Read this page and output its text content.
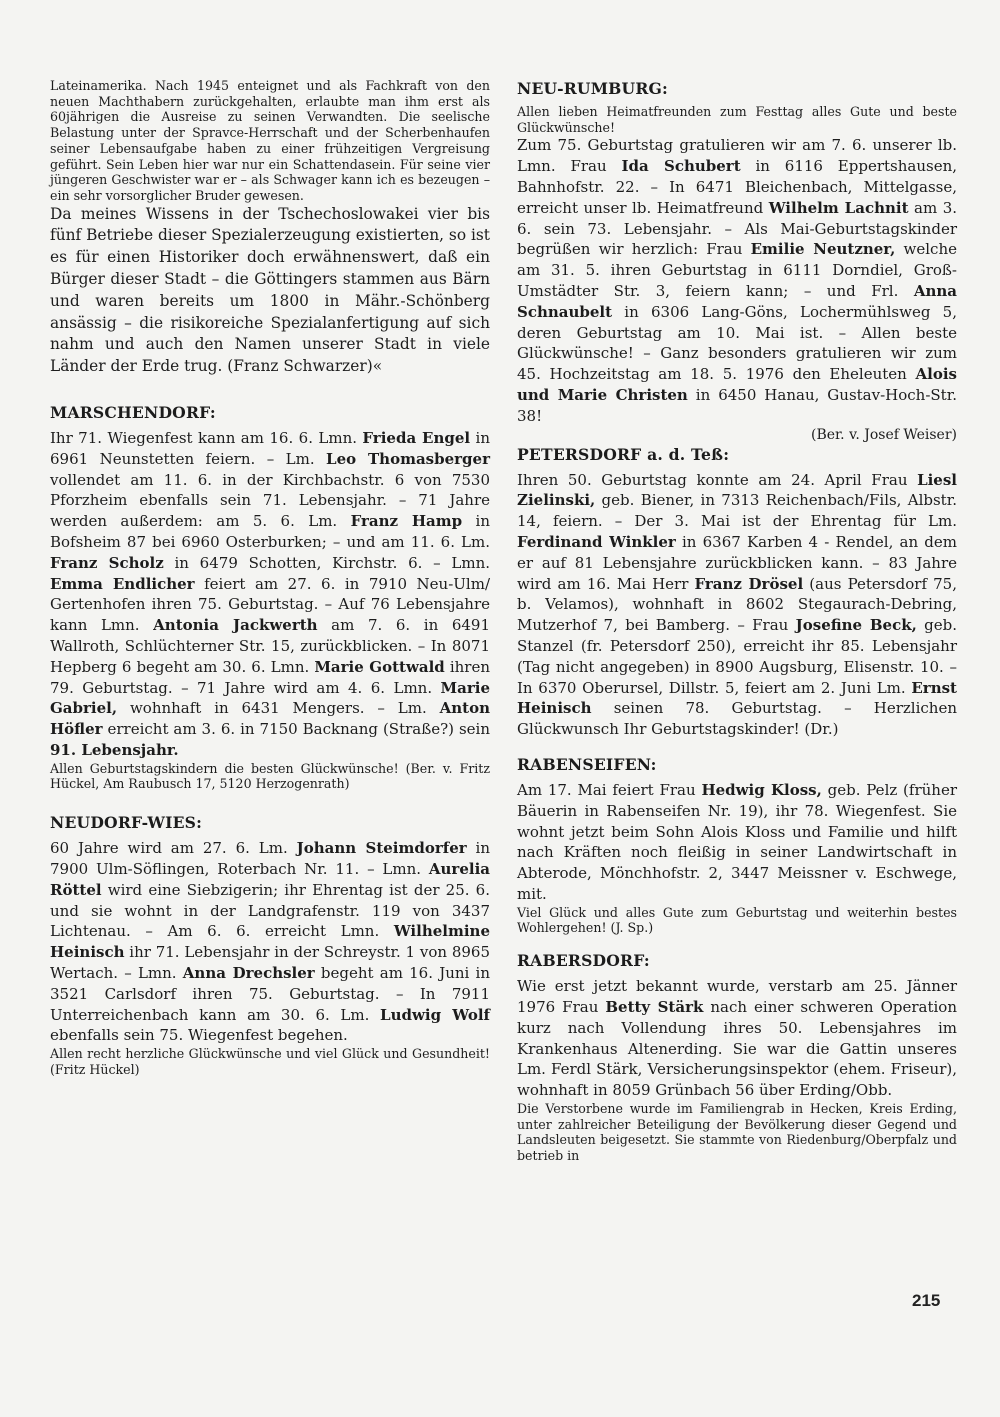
Lateinamerika. Nach 1945 enteignet und als Fachkraft von den neuen Machthabern zurückgehalten, erlaubte man ihm erst als 60jährigen die Ausreise zu seinen Verwandten. Die seelische Belastung unter der Spravce-Herrschaft und der Scherbenhaufen seiner Lebensaufgabe haben zu einer frühzeitigen Vergreisung geführt. Sein Leben hier war nur ein Schattendasein. Für seine vier jüngeren Geschwister war er – als Schwager kann ich es bezeugen – ein sehr vorsorglicher Bruder gewesen.

Da meines Wissens in der Tschechoslowakei vier bis fünf Betriebe dieser Spezialerzeugung existierten, so ist es für einen Historiker doch erwähnenswert, daß ein Bürger dieser Stadt – die Göttingers stammen aus Bärn und waren bereits um 1800 in Mähr.-Schönberg ansässig – die risikoreiche Spezialanfertigung auf sich nahm und auch den Namen unserer Stadt in viele Länder der Erde trug. (Franz Schwarzer)«

MARSCHENDORF:

Ihr 71. Wiegenfest kann am 16. 6. Lmn. Frieda Engel in 6961 Neunstetten feiern. – Lm. Leo Thomasberger vollendet am 11. 6. in der Kirchbachstr. 6 von 7530 Pforzheim ebenfalls sein 71. Lebensjahr. – 71 Jahre werden außerdem: am 5. 6. Lm. Franz Hamp in Bofsheim 87 bei 6960 Osterburken; – und am 11. 6. Lm. Franz Scholz in 6479 Schotten, Kirchstr. 6. – Lmn. Emma Endlicher feiert am 27. 6. in 7910 Neu-Ulm/ Gertenhofen ihren 75. Geburtstag. – Auf 76 Lebensjahre kann Lmn. Antonia Jackwerth am 7. 6. in 6491 Wallroth, Schlüchterner Str. 15, zurückblicken. – In 8071 Hepberg 6 begeht am 30. 6. Lmn. Marie Gottwald ihren 79. Geburtstag. – 71 Jahre wird am 4. 6. Lmn. Marie Gabriel, wohnhaft in 6431 Mengers. – Lm. Anton Höfler erreicht am 3. 6. in 7150 Backnang (Straße?) sein 91. Lebensjahr.

Allen Geburtstagskindern die besten Glückwünsche! (Ber. v. Fritz Hückel, Am Raubusch 17, 5120 Herzogenrath)

NEUDORF-WIES:

60 Jahre wird am 27. 6. Lm. Johann Steimdorfer in 7900 Ulm-Söflingen, Roterbach Nr. 11. – Lmn. Aurelia Röttel wird eine Siebzigerin; ihr Ehrentag ist der 25. 6. und sie wohnt in der Landgrafenstr. 119 von 3437 Lichtenau. – Am 6. 6. erreicht Lmn. Wilhelmine Heinisch ihr 71. Lebensjahr in der Schreystr. 1 von 8965 Wertach. – Lmn. Anna Drechsler begeht am 16. Juni in 3521 Carlsdorf ihren 75. Geburtstag. – In 7911 Unterreichenbach kann am 30. 6. Lm. Ludwig Wolf ebenfalls sein 75. Wiegenfest begehen.

Allen recht herzliche Glückwünsche und viel Glück und Gesundheit! (Fritz Hückel)

NEU-RUMBURG:

Allen lieben Heimatfreunden zum Festtag alles Gute und beste Glückwünsche!

Zum 75. Geburtstag gratulieren wir am 7. 6. unserer lb. Lmn. Frau Ida Schubert in 6116 Eppertshausen, Bahnhofstr. 22. – In 6471 Bleichenbach, Mittelgasse, erreicht unser lb. Heimatfreund Wilhelm Lachnit am 3. 6. sein 73. Lebensjahr. – Als Mai-Geburtstagskinder begrüßen wir herzlich: Frau Emilie Neutzner, welche am 31. 5. ihren Geburtstag in 6111 Dorndiel, Groß-Umstädter Str. 3, feiern kann; – und Frl. Anna Schnaubelt in 6306 Lang-Göns, Lochermühlsweg 5, deren Geburtstag am 10. Mai ist. – Allen beste Glückwünsche! – Ganz besonders gratulieren wir zum 45. Hochzeitstag am 18. 5. 1976 den Eheleuten Alois und Marie Christen in 6450 Hanau, Gustav-Hoch-Str. 38!

(Ber. v. Josef Weiser)

PETERSDORF a. d. Teß:

Ihren 50. Geburtstag konnte am 24. April Frau Liesl Zielinski, geb. Biener, in 7313 Reichenbach/Fils, Albstr. 14, feiern. – Der 3. Mai ist der Ehrentag für Lm. Ferdinand Winkler in 6367 Karben 4 - Rendel, an dem er auf 81 Lebensjahre zurückblicken kann. – 83 Jahre wird am 16. Mai Herr Franz Drösel (aus Petersdorf 75, b. Velamos), wohnhaft in 8602 Stegaurach-Debring, Mutzerhof 7, bei Bamberg. – Frau Josefine Beck, geb. Stanzel (fr. Petersdorf 250), erreicht ihr 85. Lebensjahr (Tag nicht angegeben) in 8900 Augsburg, Elisenstr. 10. – In 6370 Oberursel, Dillstr. 5, feiert am 2. Juni Lm. Ernst Heinisch seinen 78. Geburtstag. – Herzlichen Glückwunsch Ihr Geburtstagskinder! (Dr.)

RABENSEIFEN:

Am 17. Mai feiert Frau Hedwig Kloss, geb. Pelz (früher Bäuerin in Rabenseifen Nr. 19), ihr 78. Wiegenfest. Sie wohnt jetzt beim Sohn Alois Kloss und Familie und hilft nach Kräften noch fleißig in seiner Landwirtschaft in Abterode, Mönchhofstr. 2, 3447 Meissner v. Eschwege, mit.

Viel Glück und alles Gute zum Geburtstag und weiterhin bestes Wohlergehen! (J. Sp.)

RABERSDORF:

Wie erst jetzt bekannt wurde, verstarb am 25. Jänner 1976 Frau Betty Stärk nach einer schweren Operation kurz nach Vollendung ihres 50. Lebensjahres im Krankenhaus Altenerding. Sie war die Gattin unseres Lm. Ferdl Stärk, Versicherungsinspektor (ehem. Friseur), wohnhaft in 8059 Grünbach 56 über Erding/Obb.

Die Verstorbene wurde im Familiengrab in Hecken, Kreis Erding, unter zahlreicher Beteiligung der Bevölkerung dieser Gegend und Landsleuten beigesetzt. Sie stammte von Riedenburg/Oberpfalz und betrieb in

215
